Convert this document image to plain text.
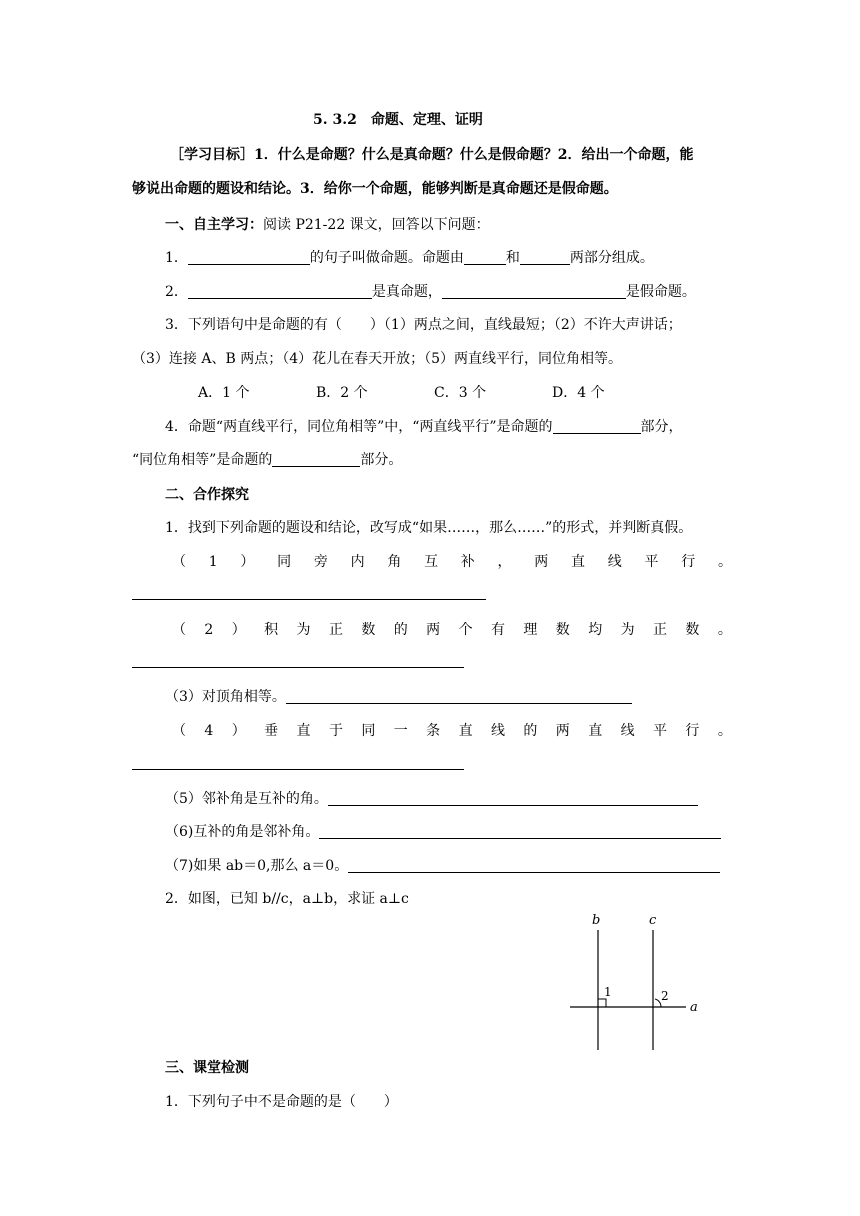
5. 3.2　命题、定理、证明
［学习目标］1．什么是命题？什么是真命题？什么是假命题？2．给出一个命题，能
够说出命题的题设和结论。3．给你一个命题，能够判断是真命题还是假命题。
一、自主学习：阅读 P21-22 课文，回答以下问题：
1．	的句子叫做命题。命题由	和	两部分组成。
2．	是真命题，	是假命题。
3．下列语句中是命题的有（　　）（1）两点之间，直线最短；（2）不许大声讲话；
（3）连接 A、B 两点；（4）花儿在春天开放；（5）两直线平行，同位角相等。
A．1 个	B．2 个	C．3 个	D．4 个
4．命题“两直线平行，同位角相等”中，“两直线平行”是命题的	部分，
“同位角相等”是命题的	部分。
二、合作探究
1．找到下列命题的题设和结论，改写成“如果……，那么……”的形式，并判断真假。
（ 1 ） 同 旁 内 角 互 补 ， 两 直 线 平 行 。
（ 2 ） 积 为 正 数 的 两 个 有 理 数 均 为 正 数 。
（3）对顶角相等。
（ 4 ） 垂 直 于 同 一 条 直 线 的 两 直 线 平 行 。
（5）邻补角是互补的角。
（6)互补的角是邻补角。
（7)如果 ab＝0,那么 a＝0。
2．如图，已知 b//c，a⊥b，求证 a⊥c
b	c
a
1	2
三、课堂检测
1．下列句子中不是命题的是（　　）
